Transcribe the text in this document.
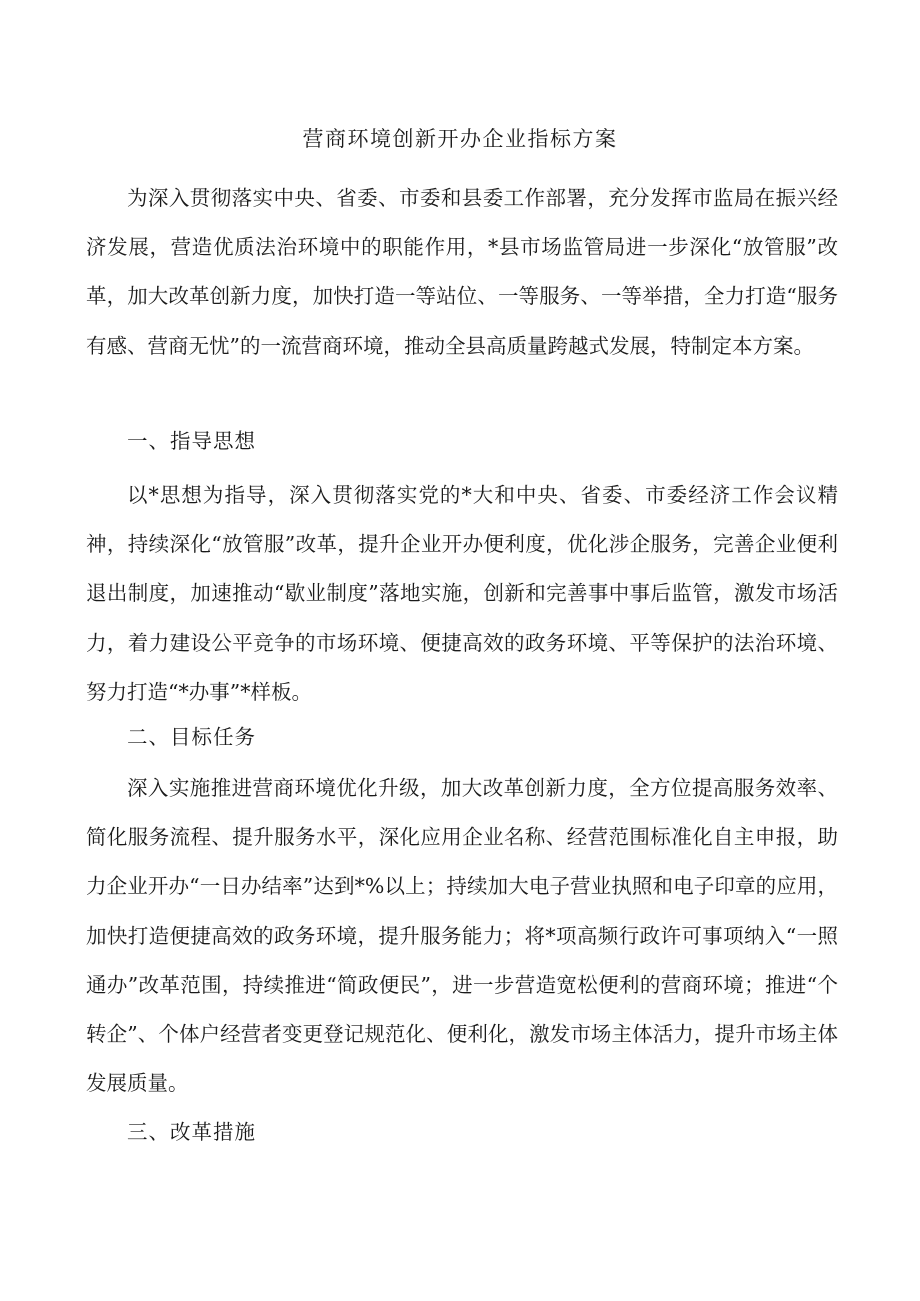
营商环境创新开办企业指标方案

为深入贯彻落实中央、省委、市委和县委工作部署，充分发挥市监局在振兴经济发展，营造优质法治环境中的职能作用，*县市场监管局进一步深化“放管服”改革，加大改革创新力度，加快打造一等站位、一等服务、一等举措，全力打造“服务有感、营商无忧”的一流营商环境，推动全县高质量跨越式发展，特制定本方案。

一、指导思想

以*思想为指导，深入贯彻落实党的*大和中央、省委、市委经济工作会议精神，持续深化“放管服”改革，提升企业开办便利度，优化涉企服务，完善企业便利退出制度，加速推动“歇业制度”落地实施，创新和完善事中事后监管，激发市场活力，着力建设公平竞争的市场环境、便捷高效的政务环境、平等保护的法治环境、努力打造“*办事”*样板。

二、目标任务

深入实施推进营商环境优化升级，加大改革创新力度，全方位提高服务效率、简化服务流程、提升服务水平，深化应用企业名称、经营范围标准化自主申报，助力企业开办“一日办结率”达到*%以上；持续加大电子营业执照和电子印章的应用，加快打造便捷高效的政务环境，提升服务能力；将*项高频行政许可事项纳入“一照通办”改革范围，持续推进“简政便民”，进一步营造宽松便利的营商环境；推进“个转企”、个体户经营者变更登记规范化、便利化，激发市场主体活力，提升市场主体发展质量。

三、改革措施
